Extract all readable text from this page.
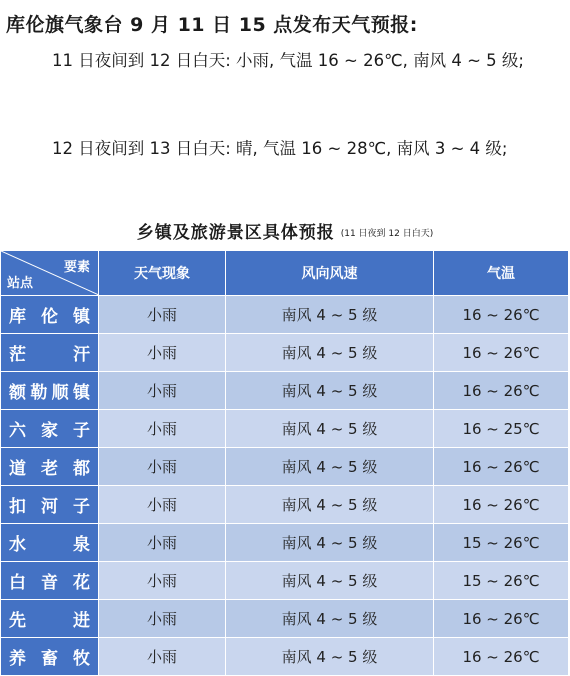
库伦旗气象台 9 月 11 日 15 点发布天气预报:
11 日夜间到 12 日白天: 小雨, 气温 16 ~ 26℃, 南风 4 ~ 5 级;
12 日夜间到 13 日白天: 晴, 气温 16 ~ 28℃, 南风 3 ~ 4 级;
乡镇及旅游景区具体预报 $^{(11 日夜到 12 日白天)}$
要素
站点	天气现象	风向风速	气温
库伦镇	小雨	南风 4 ~ 5 级	16 ~ 26℃
茫汗	小雨	南风 4 ~ 5 级	16 ~ 26℃
额勒顺镇	小雨	南风 4 ~ 5 级	16 ~ 26℃
六家子	小雨	南风 4 ~ 5 级	16 ~ 25℃
道老都	小雨	南风 4 ~ 5 级	16 ~ 26℃
扣河子	小雨	南风 4 ~ 5 级	16 ~ 26℃
水泉	小雨	南风 4 ~ 5 级	15 ~ 26℃
白音花	小雨	南风 4 ~ 5 级	15 ~ 26℃
先进	小雨	南风 4 ~ 5 级	16 ~ 26℃
养畜牧	小雨	南风 4 ~ 5 级	16 ~ 26℃
